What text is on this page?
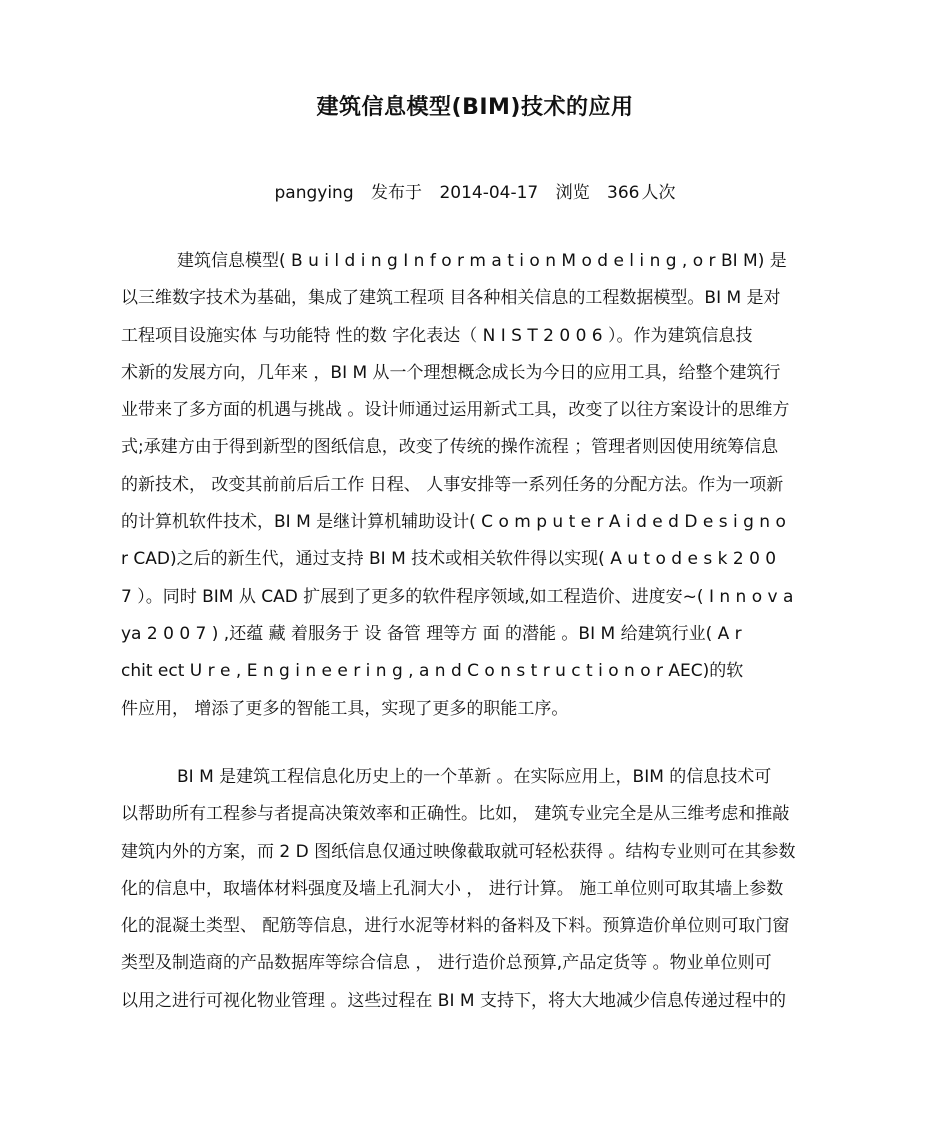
建筑信息模型(BIM)技术的应用
pangying 发布于 2014-04-17 浏览 366 人次
建筑信息模型( B u i l d i n g I n f o r m a t i o n M o d e l i n g , o r BI M) 是
以三维数字技术为基础，集成了建筑工程项 目各种相关信息的工程数据模型。BI M 是对
工程项目设施实体 与功能特 性的数 字化表达（ N I S T 2 0 0 6 ）。作为建筑信息技
术新的发展方向，几年来 ，BI M 从一个理想概念成长为今日的应用工具，给整个建筑行
业带来了多方面的机遇与挑战 。设计师通过运用新式工具，改变了以往方案设计的思维方
式;承建方由于得到新型的图纸信息，改变了传统的操作流程 ；管理者则因使用统筹信息
的新技术， 改变其前前后后工作 日程、 人事安排等一系列任务的分配方法。作为一项新
的计算机软件技术，BI M 是继计算机辅助设计( C o m p u t e r A i d e d D e s i g n o
r CAD)之后的新生代，通过支持 BI M 技术或相关软件得以实现( A u t o d e s k 2 0 0
7 ）。同时 BIM 从 CAD 扩展到了更多的软件程序领域,如工程造价、进度安~( I n n o v a
ya 2 0 0 7 ) ,还蕴 藏 着服务于 设 备管 理等方 面 的潜能 。BI M 给建筑行业( A r
chit ect U r e , E n g i n e e r i n g , a n d C o n s t r u c t i o n o r AEC)的软
件应用， 增添了更多的智能工具，实现了更多的职能工序。
BI M 是建筑工程信息化历史上的一个革新 。在实际应用上，BIM 的信息技术可
以帮助所有工程参与者提高决策效率和正确性。比如， 建筑专业完全是从三维考虑和推敲
建筑内外的方案，而 2 D 图纸信息仅通过映像截取就可轻松获得 。结构专业则可在其参数
化的信息中，取墙体材料强度及墙上孔洞大小 ， 进行计算。 施工单位则可取其墙上参数
化的混凝土类型、 配筋等信息，进行水泥等材料的备料及下料。预算造价单位则可取门窗
类型及制造商的产品数据库等综合信息 ， 进行造价总预算,产品定货等 。物业单位则可
以用之进行可视化物业管理 。这些过程在 BI M 支持下，将大大地减少信息传递过程中的
